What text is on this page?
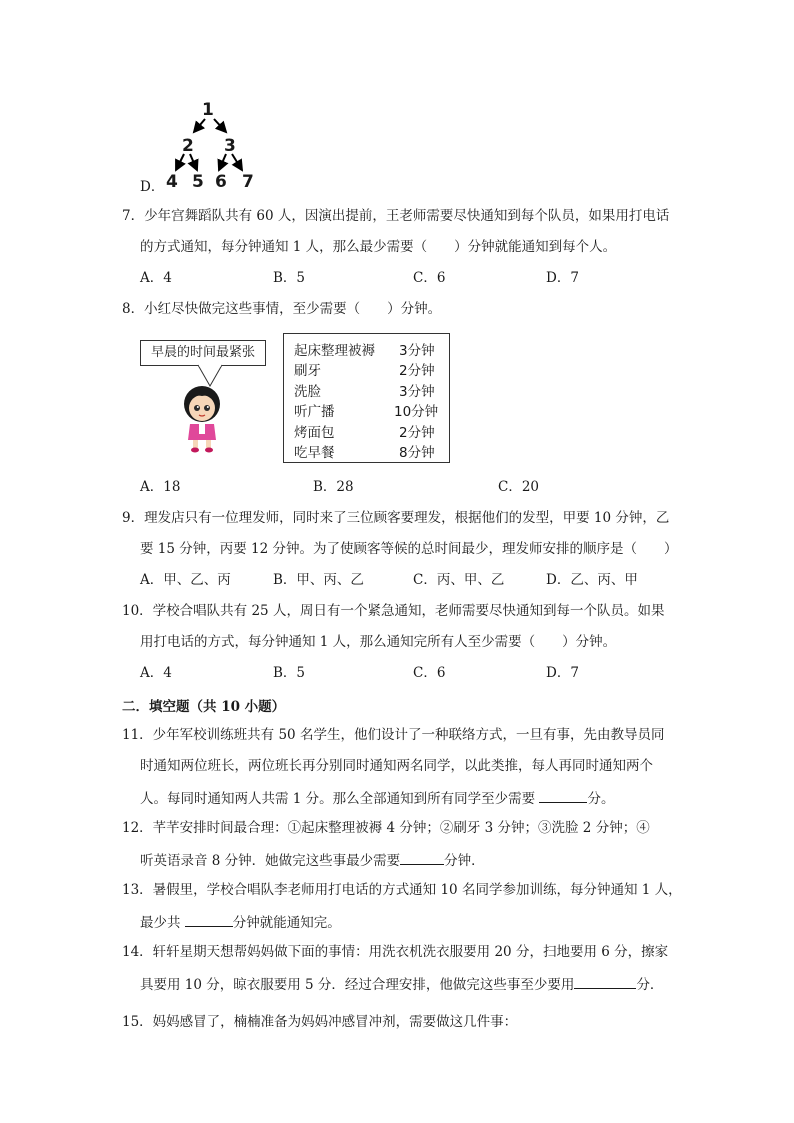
1
2 3
4 5 6 7
D．
7．少年宫舞蹈队共有 60 人，因演出提前，王老师需要尽快通知到每个队员，如果用打电话
的方式通知，每分钟通知 1 人，那么最少需要（　　）分钟就能通知到每个人。
A．4	B．5	C．6	D．7
8．小红尽快做完这些事情，至少需要（　　）分钟。
早晨的时间最紧张	起床整理被褥 3分钟
刷牙	2分钟
洗脸	3分钟
听广播	10分钟
烤面包	2分钟
吃早餐	8分钟
A．18	B．28	C．20
9．理发店只有一位理发师，同时来了三位顾客要理发，根据他们的发型，甲要 10 分钟，乙
要 15 分钟，丙要 12 分钟。为了使顾客等候的总时间最少，理发师安排的顺序是（　　）
A．甲、乙、丙	B．甲、丙、乙	C．丙、甲、乙	D．乙、丙、甲
10．学校合唱队共有 25 人，周日有一个紧急通知，老师需要尽快通知到每一个队员。如果
用打电话的方式，每分钟通知 1 人，那么通知完所有人至少需要（　　）分钟。
A．4	B．5	C．6	D．7
二．填空题（共 10 小题）
11．少年军校训练班共有 50 名学生，他们设计了一种联络方式，一旦有事，先由教导员同
时通知两位班长，两位班长再分别同时通知两名同学，以此类推，每人再同时通知两个
人。每同时通知两人共需 1 分。那么全部通知到所有同学至少需要	分。
12．芊芊安排时间最合理：①起床整理被褥 4 分钟；②刷牙 3 分钟；③洗脸 2 分钟；④
听英语录音 8 分钟．她做完这些事最少需要	分钟．
13．暑假里，学校合唱队李老师用打电话的方式通知 10 名同学参加训练，每分钟通知 1 人，
最少共	分钟就能通知完。
14．轩轩星期天想帮妈妈做下面的事情：用洗衣机洗衣服要用 20 分，扫地要用 6 分，擦家
具要用 10 分，晾衣服要用 5 分．经过合理安排，他做完这些事至少要用	分．
15．妈妈感冒了，楠楠准备为妈妈冲感冒冲剂，需要做这几件事：
